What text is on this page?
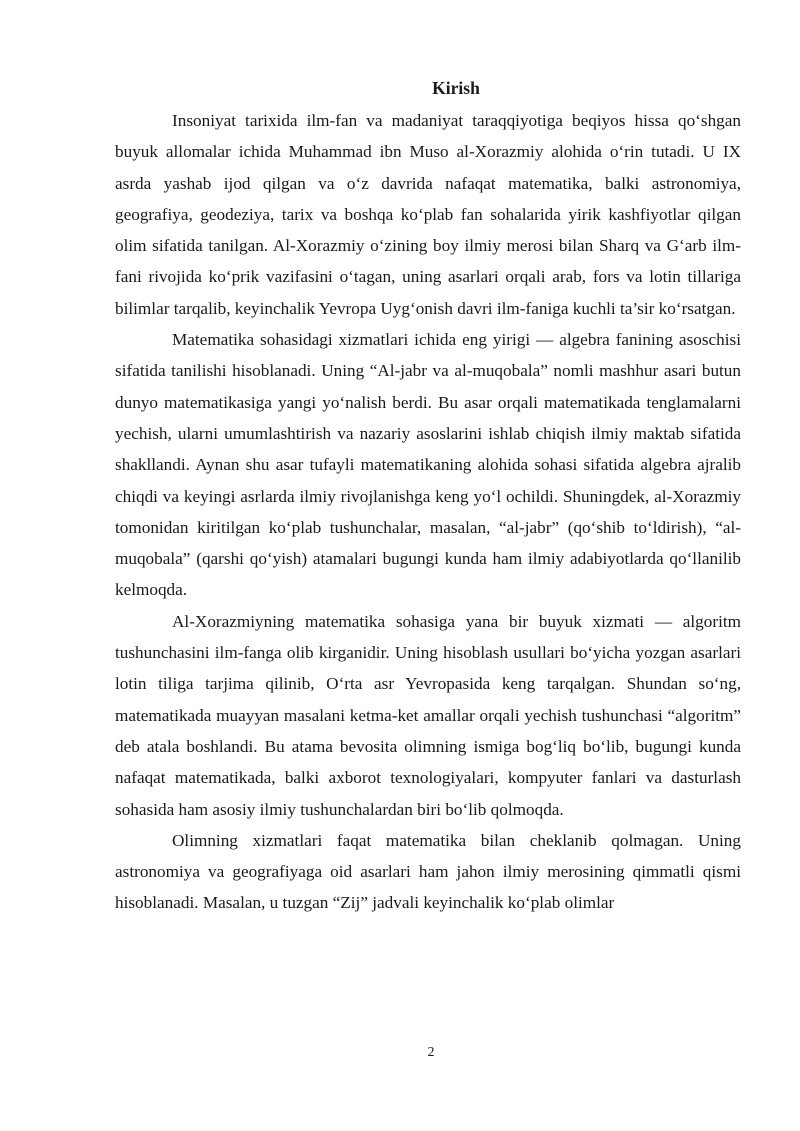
Kirish

Insoniyat tarixida ilm-fan va madaniyat taraqqiyotiga beqiyos hissa qo‘shgan buyuk allomalar ichida Muhammad ibn Muso al-Xorazmiy alohida o‘rin tutadi. U IX asrda yashab ijod qilgan va o‘z davrida nafaqat matematika, balki astronomiya, geografiya, geodeziya, tarix va boshqa ko‘plab fan sohalarida yirik kashfiyotlar qilgan olim sifatida tanilgan. Al-Xorazmiy o‘zining boy ilmiy merosi bilan Sharq va G‘arb ilm-fani rivojida ko‘prik vazifasini o‘tagan, uning asarlari orqali arab, fors va lotin tillariga bilimlar tarqalib, keyinchalik Yevropa Uyg‘onish davri ilm-faniga kuchli ta’sir ko‘rsatgan.

Matematika sohasidagi xizmatlari ichida eng yirigi — algebra fanining asoschisi sifatida tanilishi hisoblanadi. Uning “Al-jabr va al-muqobala” nomli mashhur asari butun dunyo matematikasiga yangi yo‘nalish berdi. Bu asar orqali matematikada tenglamalarni yechish, ularni umumlashtirish va nazariy asoslarini ishlab chiqish ilmiy maktab sifatida shakllandi. Aynan shu asar tufayli matematikaning alohida sohasi sifatida algebra ajralib chiqdi va keyingi asrlarda ilmiy rivojlanishga keng yo‘l ochildi. Shuningdek, al-Xorazmiy tomonidan kiritilgan ko‘plab tushunchalar, masalan, “al-jabr” (qo‘shib to‘ldirish), “al-muqobala” (qarshi qo‘yish) atamalari bugungi kunda ham ilmiy adabiyotlarda qo‘llanilib kelmoqda.

Al-Xorazmiyning matematika sohasiga yana bir buyuk xizmati — algoritm tushunchasini ilm-fanga olib kirganidir. Uning hisoblash usullari bo‘yicha yozgan asarlari lotin tiliga tarjima qilinib, O‘rta asr Yevropasida keng tarqalgan. Shundan so‘ng, matematikada muayyan masalani ketma-ket amallar orqali yechish tushunchasi “algoritm” deb atala boshlandi. Bu atama bevosita olimning ismiga bog‘liq bo‘lib, bugungi kunda nafaqat matematikada, balki axborot texnologiyalari, kompyuter fanlari va dasturlash sohasida ham asosiy ilmiy tushunchalardan biri bo‘lib qolmoqda.

Olimning xizmatlari faqat matematika bilan cheklanib qolmagan. Uning astronomiya va geografiyaga oid asarlari ham jahon ilmiy merosining qimmatli qismi hisoblanadi. Masalan, u tuzgan “Zij” jadvali keyinchalik ko‘plab olimlar

2
